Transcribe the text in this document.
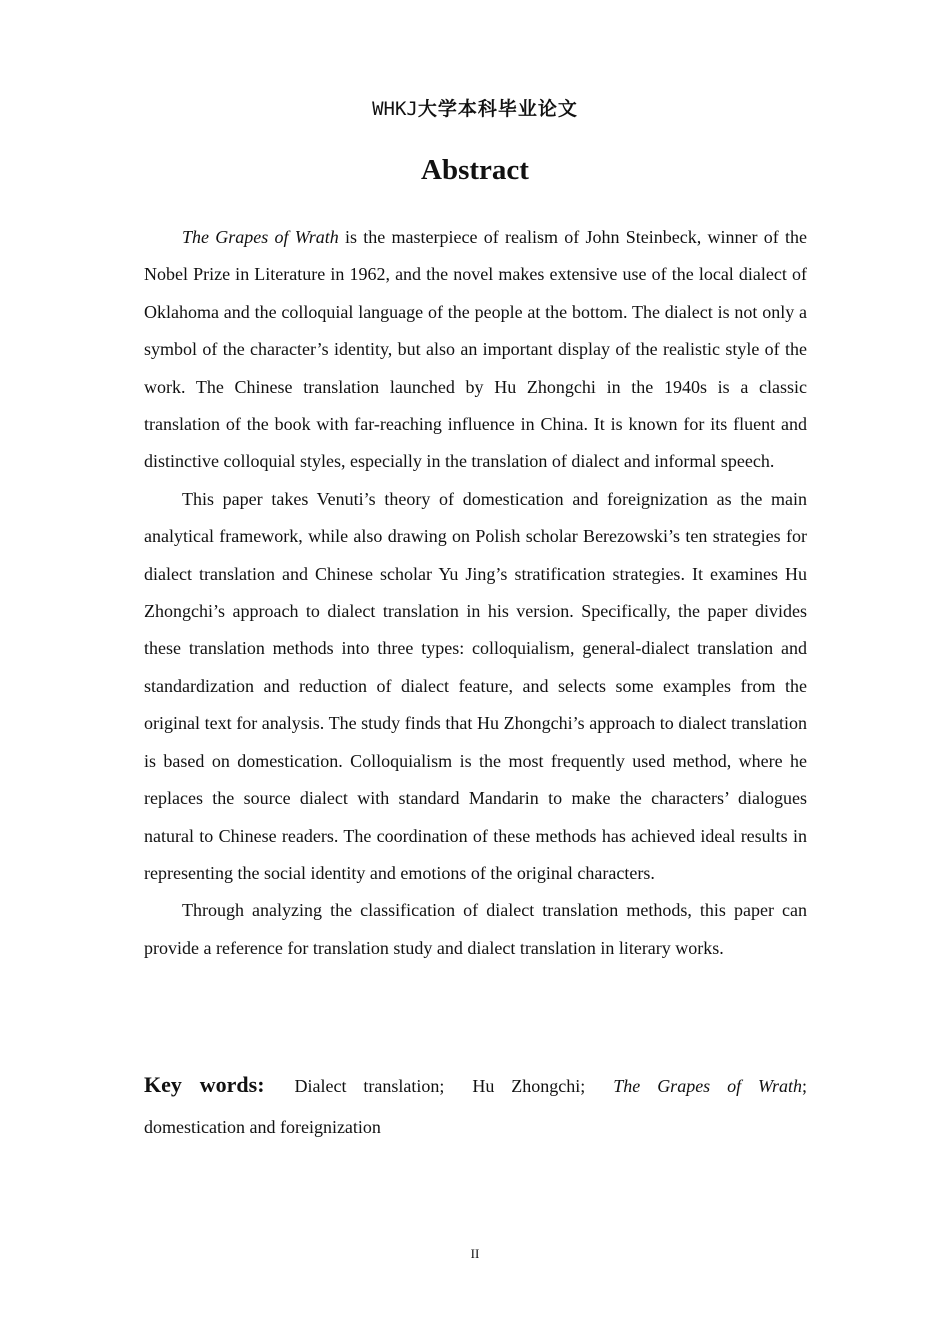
WHKJ大学本科毕业论文
Abstract

The Grapes of Wrath is the masterpiece of realism of John Steinbeck, winner of the Nobel Prize in Literature in 1962, and the novel makes extensive use of the local dialect of Oklahoma and the colloquial language of the people at the bottom. The dialect is not only a symbol of the character’s identity, but also an important display of the realistic style of the work. The Chinese translation launched by Hu Zhongchi in the 1940s is a classic translation of the book with far-reaching influence in China. It is known for its fluent and distinctive colloquial styles, especially in the translation of dialect and informal speech.

This paper takes Venuti’s theory of domestication and foreignization as the main analytical framework, while also drawing on Polish scholar Berezowski’s ten strategies for dialect translation and Chinese scholar Yu Jing’s stratification strategies. It examines Hu Zhongchi’s approach to dialect translation in his version. Specifically, the paper divides these translation methods into three types: colloquialism, general-dialect translation and standardization and reduction of dialect feature, and selects some examples from the original text for analysis. The study finds that Hu Zhongchi’s approach to dialect translation is based on domestication. Colloquialism is the most frequently used method, where he replaces the source dialect with standard Mandarin to make the characters’ dialogues natural to Chinese readers. The coordination of these methods has achieved ideal results in representing the social identity and emotions of the original characters.

Through analyzing the classification of dialect translation methods, this paper can provide a reference for translation study and dialect translation in literary works.

Key words: Dialect translation; Hu Zhongchi; The Grapes of Wrath; domestication and foreignization
II
